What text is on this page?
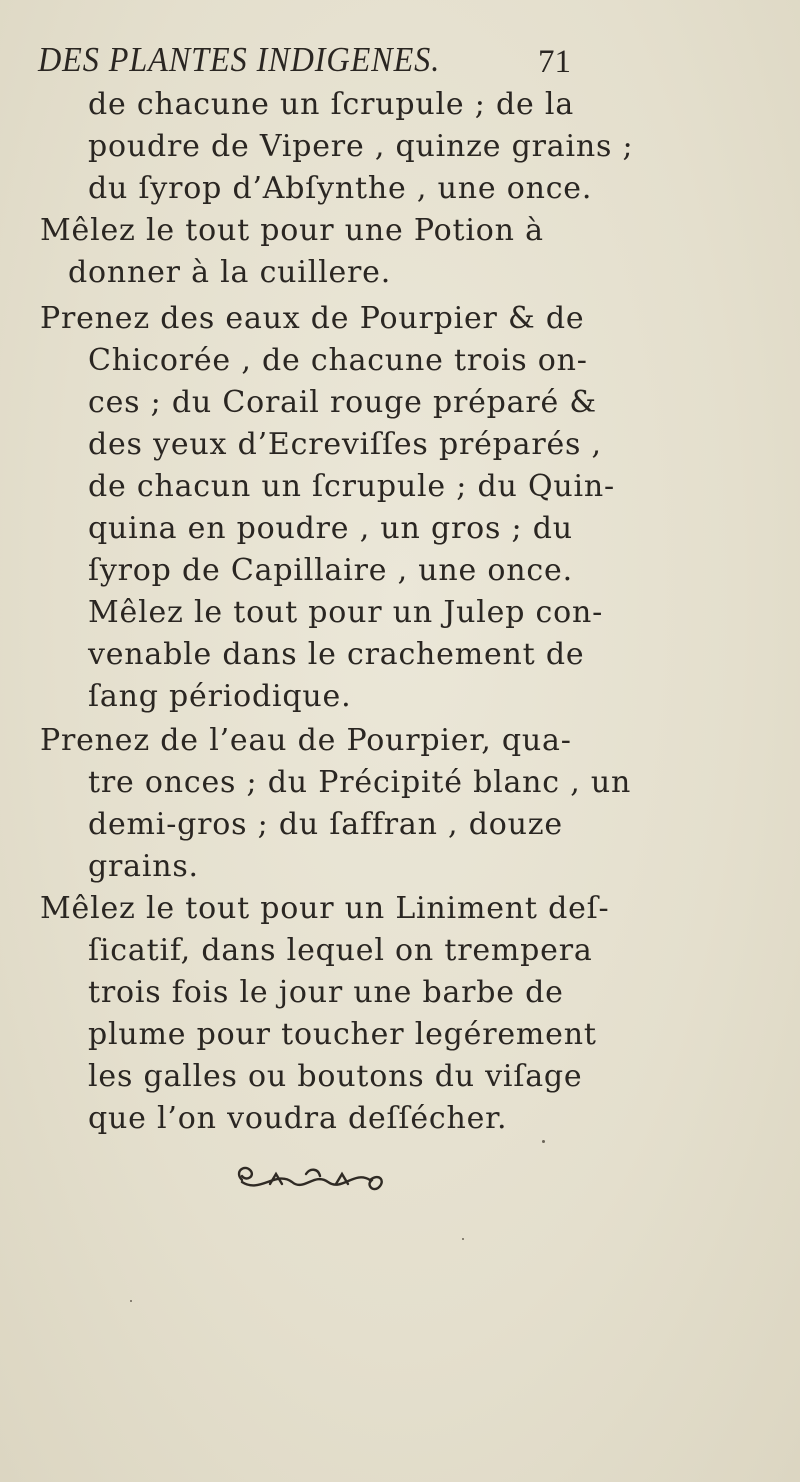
DES PLANTES INDIGENES.	71
de chacune un ſcrupule ; de la
poudre de Vipere , quinze grains ;
du ſyrop d’Abſynthe , une once.
Mêlez le tout pour une Potion à
donner à la cuillere.
Prenez des eaux de Pourpier & de
Chicorée , de chacune trois on-
ces ; du Corail rouge préparé &
des yeux d’Ecreviſſes préparés ,
de chacun un ſcrupule ; du Quin-
quina en poudre , un gros ; du
ſyrop de Capillaire , une once.
Mêlez le tout pour un Julep con-
venable dans le crachement de
ſang périodique.
Prenez de l’eau de Pourpier, qua-
tre onces ; du Précipité blanc , un
demi-gros ; du ſaffran , douze
grains.
Mêlez le tout pour un Liniment deſ-
ſicatif, dans lequel on trempera
trois fois le jour une barbe de
plume pour toucher legérement
les galles ou boutons du viſage
que l’on voudra deſſécher.
